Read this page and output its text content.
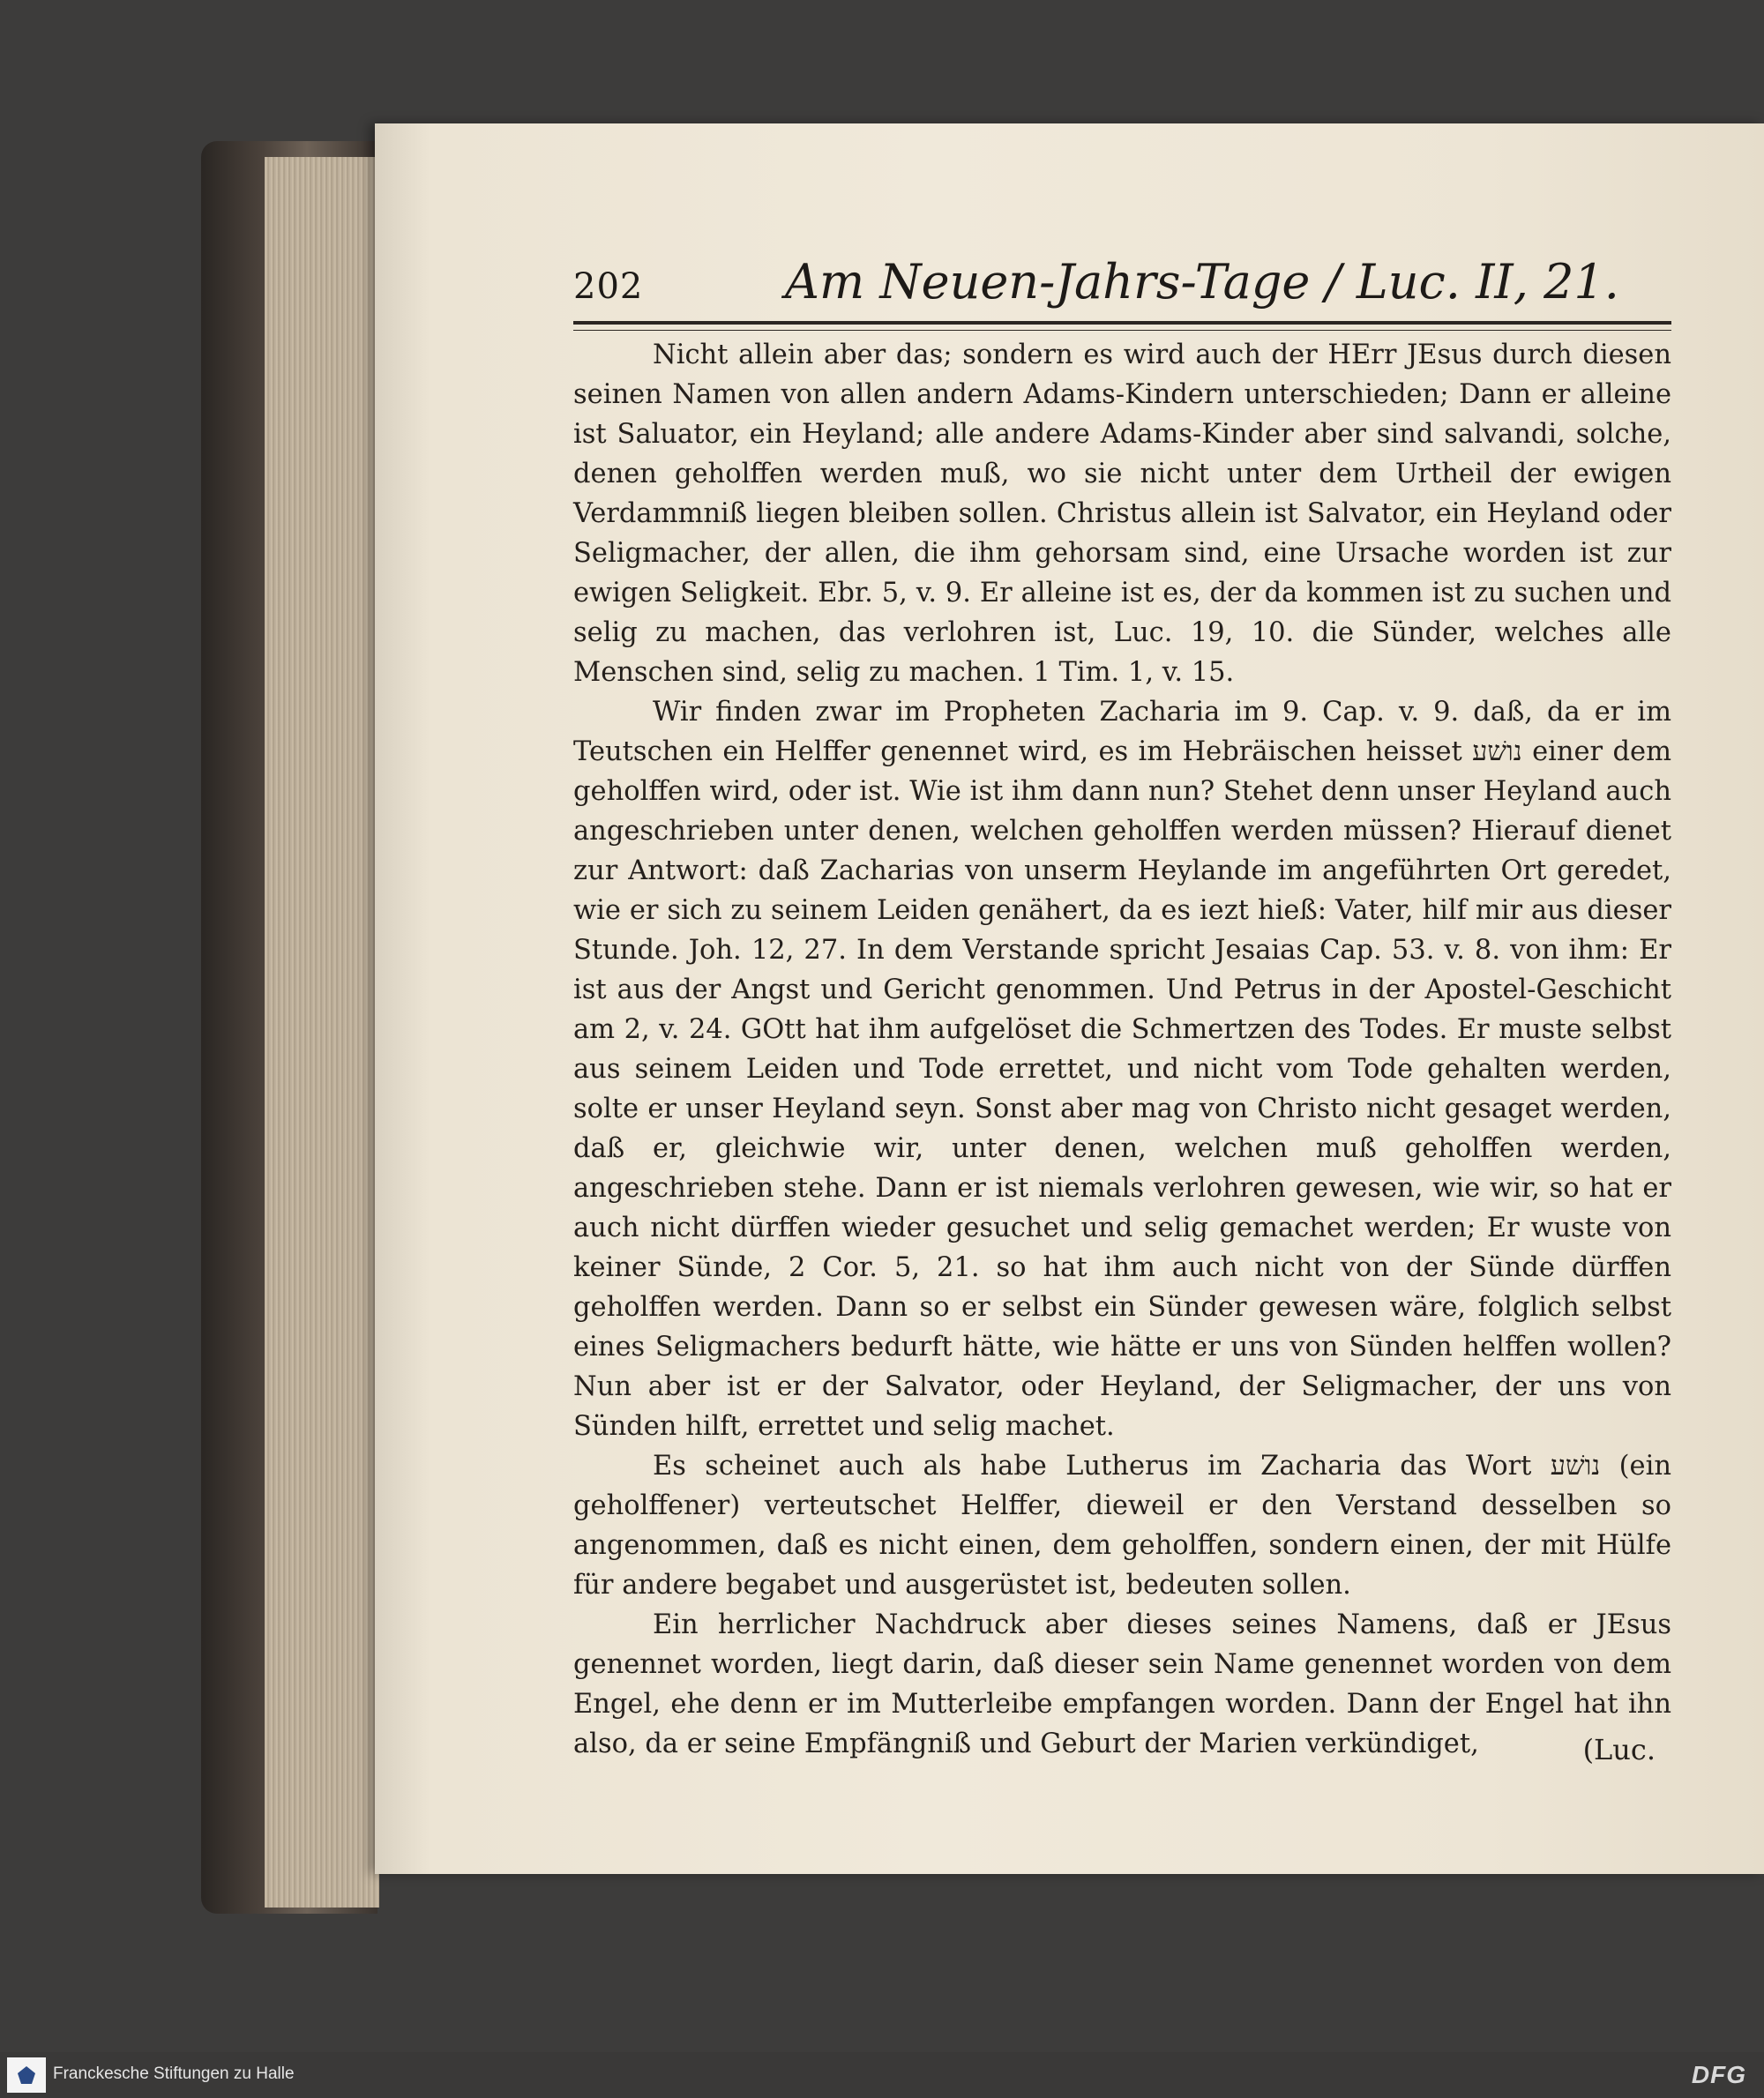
202	Am Neuen-Jahrs-Tage / Luc. II, 21.

Nicht allein aber das; sondern es wird auch der HErr JEsus durch diesen seinen Namen von allen andern Adams-Kindern unterschieden; Dann er alleine ist Saluator, ein Heyland; alle andere Adams-Kinder aber sind salvandi, solche, denen geholffen werden muß, wo sie nicht unter dem Urtheil der ewigen Verdammniß liegen bleiben sollen. Christus allein ist Salvator, ein Heyland oder Seligmacher, der allen, die ihm gehorsam sind, eine Ursache worden ist zur ewigen Seligkeit. Ebr. 5, v. 9. Er alleine ist es, der da kommen ist zu suchen und selig zu machen, das verlohren ist, Luc. 19, 10. die Sünder, welches alle Menschen sind, selig zu machen. 1 Tim. 1, v. 15.

Wir finden zwar im Propheten Zacharia im 9. Cap. v. 9. daß, da er im Teutschen ein Helffer genennet wird, es im Hebräischen heisset נושׁע einer dem geholffen wird, oder ist. Wie ist ihm dann nun? Stehet denn unser Heyland auch angeschrieben unter denen, welchen geholffen werden müssen? Hierauf dienet zur Antwort: daß Zacharias von unserm Heylande im angeführten Ort geredet, wie er sich zu seinem Leiden genähert, da es iezt hieß: Vater, hilf mir aus dieser Stunde. Joh. 12, 27. In dem Verstande spricht Jesaias Cap. 53. v. 8. von ihm: Er ist aus der Angst und Gericht genommen. Und Petrus in der Apostel-Geschicht am 2, v. 24. GOtt hat ihm aufgelöset die Schmertzen des Todes. Er muste selbst aus seinem Leiden und Tode errettet, und nicht vom Tode gehalten werden, solte er unser Heyland seyn. Sonst aber mag von Christo nicht gesaget werden, daß er, gleichwie wir, unter denen, welchen muß geholffen werden, angeschrieben stehe. Dann er ist niemals verlohren gewesen, wie wir, so hat er auch nicht dürffen wieder gesuchet und selig gemachet werden; Er wuste von keiner Sünde, 2 Cor. 5, 21. so hat ihm auch nicht von der Sünde dürffen geholffen werden. Dann so er selbst ein Sünder gewesen wäre, folglich selbst eines Seligmachers bedurft hätte, wie hätte er uns von Sünden helffen wollen? Nun aber ist er der Salvator, oder Heyland, der Seligmacher, der uns von Sünden hilft, errettet und selig machet.

Es scheinet auch als habe Lutherus im Zacharia das Wort נושׁע (ein geholffener) verteutschet Helffer, dieweil er den Verstand desselben so angenommen, daß es nicht einen, dem geholffen, sondern einen, der mit Hülfe für andere begabet und ausgerüstet ist, bedeuten sollen.

Ein herrlicher Nachdruck aber dieses seines Namens, daß er JEsus genennet worden, liegt darin, daß dieser sein Name genennet worden von dem Engel, ehe denn er im Mutterleibe empfangen worden. Dann der Engel hat ihn also, da er seine Empfängniß und Geburt der Marien verkündiget,	(Luc.
Franckesche Stiftungen zu Halle	DFG
